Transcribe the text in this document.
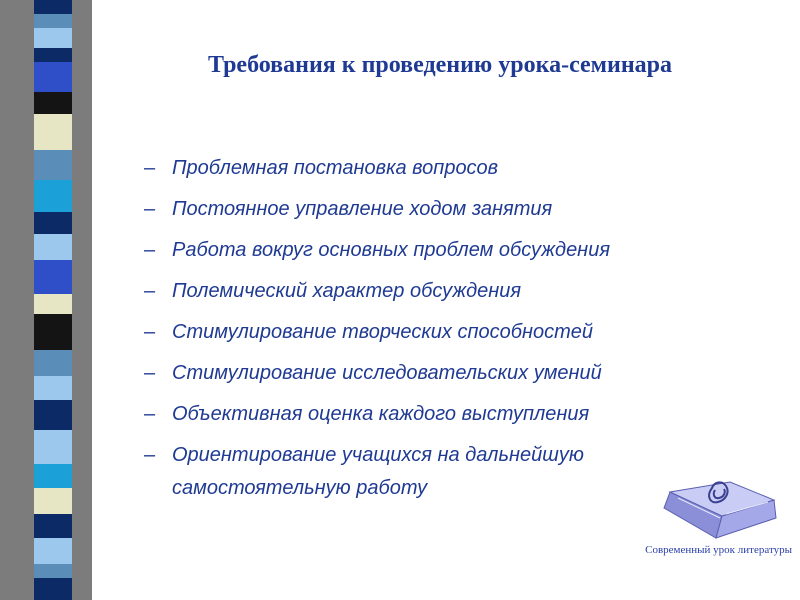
Требования к проведению урока-семинара
– Проблемная постановка вопросов
– Постоянное управление ходом занятия
– Работа вокруг основных проблем обсуждения
– Полемический характер обсуждения
– Стимулирование творческих способностей
– Стимулирование исследовательских умений
– Объективная оценка каждого выступления
– Ориентирование учащихся на дальнейшую самостоятельную работу
Современный урок литературы
